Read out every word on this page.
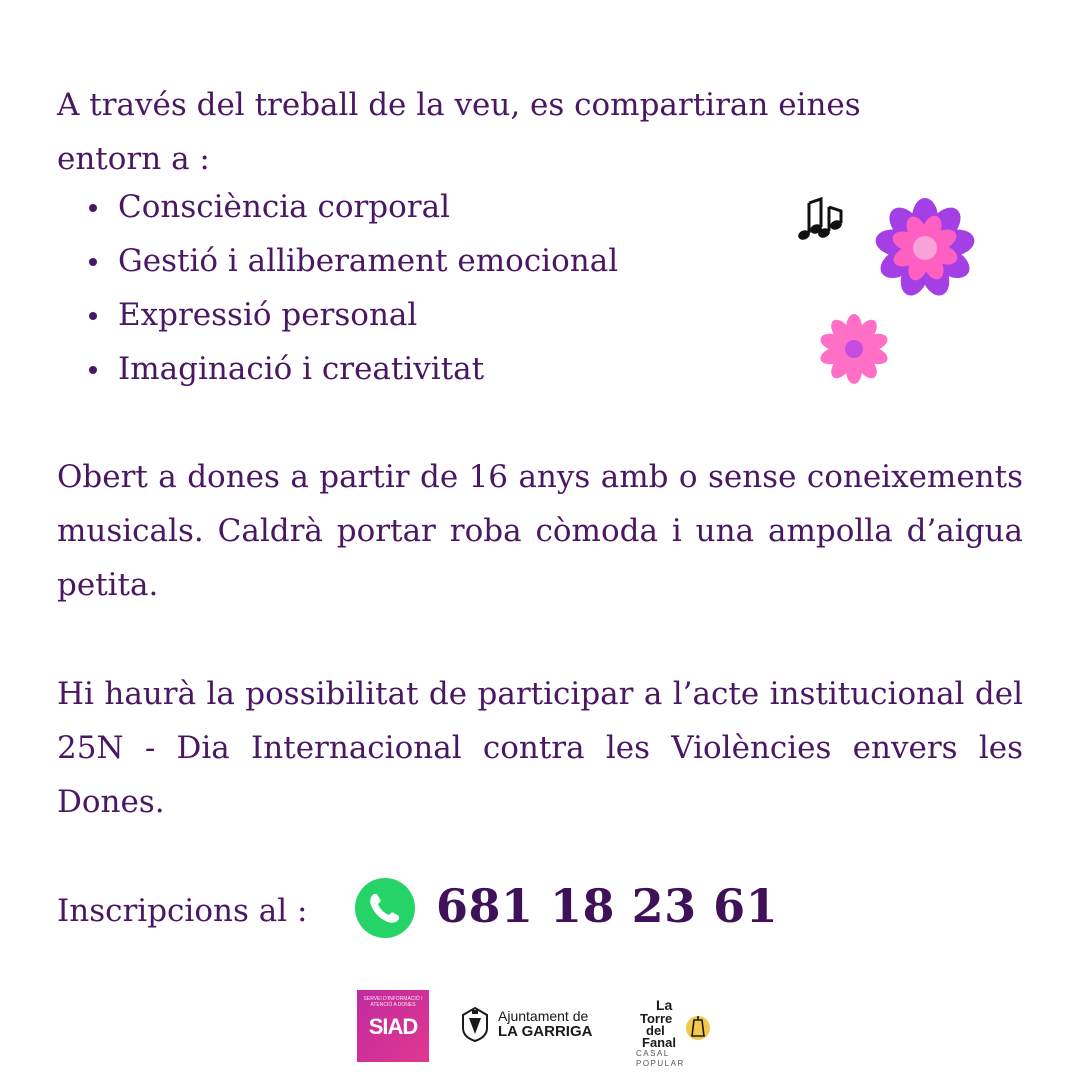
A través del treball de la veu, es compartiran eines
entorn a :

Consciència corporal
Gestió i alliberament emocional
Expressió personal
Imaginació i creativitat

Obert a dones a partir de 16 anys amb o sense coneixements musicals. Caldrà portar roba còmoda i una ampolla d’aigua petita.

Hi haurà la possibilitat de participar a l’acte institucional del 25N - Dia Internacional contra les Violències envers les Dones.

Inscripcions al :	681 18 23 61
SERVEI D'INFORMACIÓ I ATENCIÓ A DONES
SIAD	Ajuntament de
LA GARRIGA
La
Torre
del
Fanal
CASAL POPULAR
